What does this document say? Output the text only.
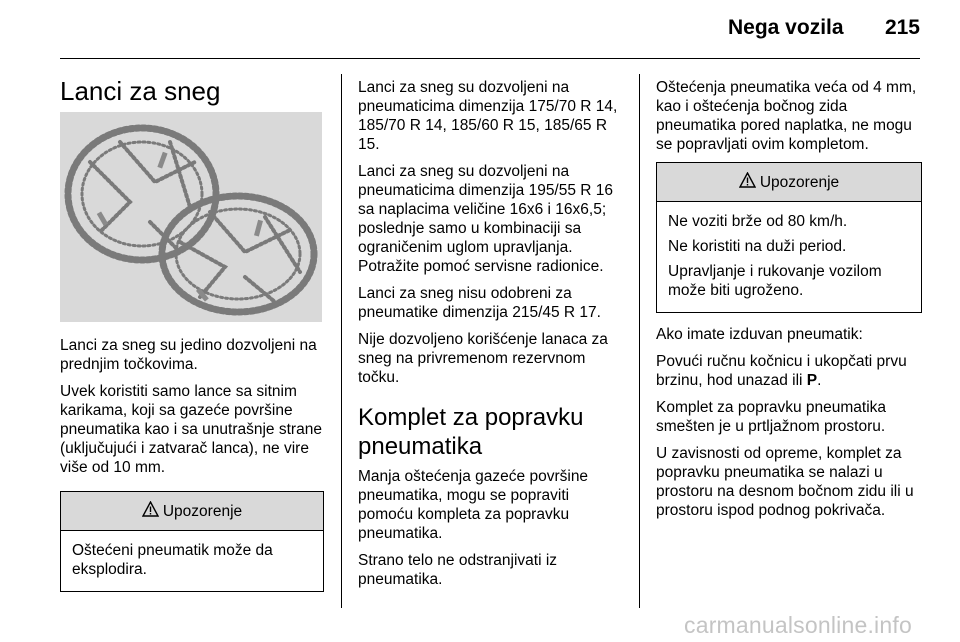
Nega vozila 215
Lanci za sneg

Lanci za sneg su jedino dozvoljeni na prednjim točkovima.

Uvek koristiti samo lance sa sitnim karikama, koji sa gazeće površine pneumatika kao i sa unutrašnje strane (uključujući i zatvarač lanca), ne vire više od 10 mm.

Upozorenje

Oštećeni pneumatik može da eksplodira.

Lanci za sneg su dozvoljeni na pneumaticima dimenzija 175/70 R 14, 185/70 R 14, 185/60 R 15, 185/65 R 15.

Lanci za sneg su dozvoljeni na pneumaticima dimenzija 195/55 R 16 sa naplacima veličine 16x6 i 16x6,5; poslednje samo u kombinaciji sa ograničenim uglom upravljanja. Potražite pomoć servisne radionice.

Lanci za sneg nisu odobreni za pneumatike dimenzija 215/45 R 17.

Nije dozvoljeno korišćenje lanaca za sneg na privremenom rezervnom točku.

Komplet za popravku pneumatika

Manja oštećenja gazeće površine pneumatika, mogu se popraviti pomoću kompleta za popravku pneumatika.

Strano telo ne odstranjivati iz pneumatika.

Oštećenja pneumatika veća od 4 mm, kao i oštećenja bočnog zida pneumatika pored naplatka, ne mogu se popravljati ovim kompletom.

Upozorenje

Ne voziti brže od 80 km/h.

Ne koristiti na duži period.

Upravljanje i rukovanje vozilom može biti ugroženo.

Ako imate izduvan pneumatik:

Povući ručnu kočnicu i ukopčati prvu brzinu, hod unazad ili P.

Komplet za popravku pneumatika smešten je u prtljažnom prostoru.

U zavisnosti od opreme, komplet za popravku pneumatika se nalazi u prostoru na desnom bočnom zidu ili u prostoru ispod podnog pokrivača.

carmanualsonline.info
